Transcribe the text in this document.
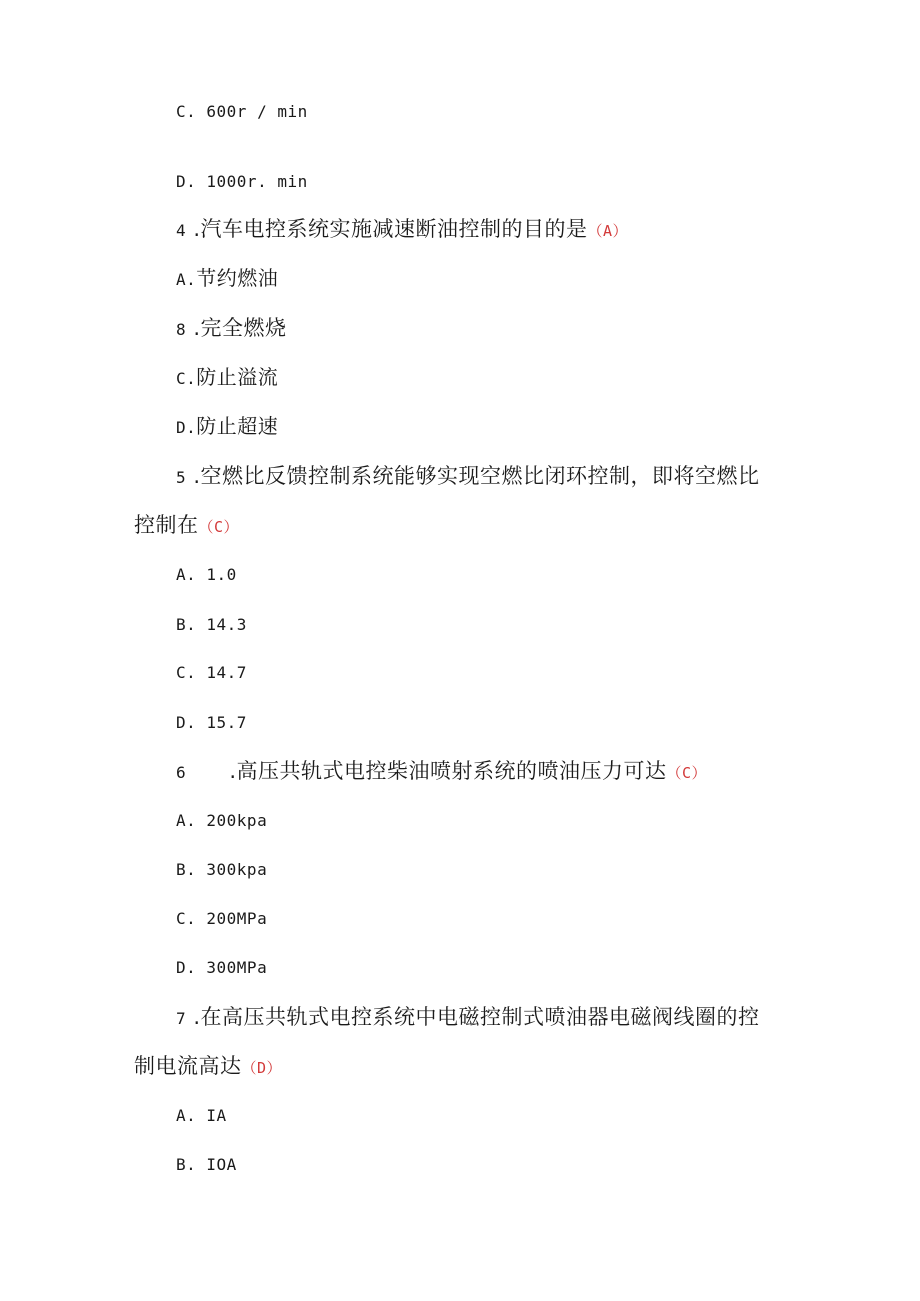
C. 600r / min
D. 1000r. min
4 .汽车电控系统实施减速断油控制的目的是（A）
A.节约燃油
8 .完全燃烧
C.防止溢流
D.防止超速
5 .空燃比反馈控制系统能够实现空燃比闭环控制，即将空燃比
控制在（C）
A. 1.0
B. 14.3
C. 14.7
D. 15.7
6 .高压共轨式电控柴油喷射系统的喷油压力可达（C）
A. 200kpa
B. 300kpa
C. 200MPa
D. 300MPa
7 .在高压共轨式电控系统中电磁控制式喷油器电磁阀线圈的控
制电流高达（D）
A. IA
B. IOA
